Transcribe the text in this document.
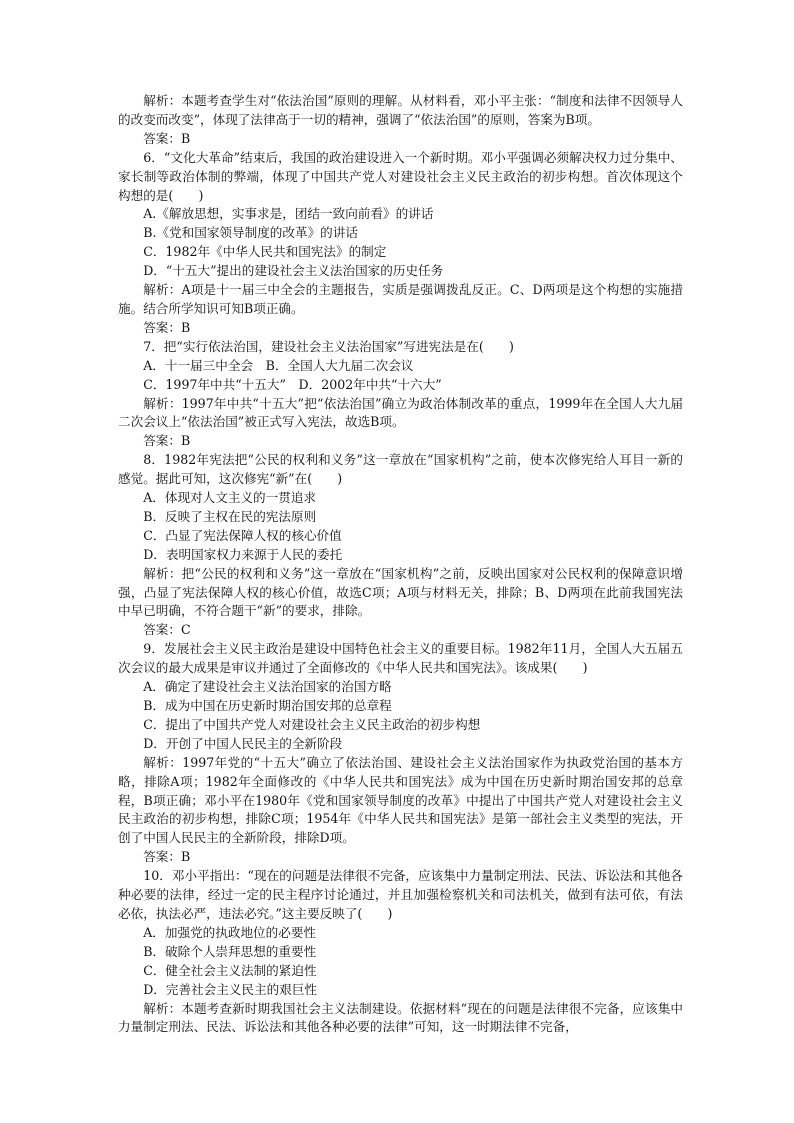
解析：本题考查学生对“依法治国”原则的理解。从材料看，邓小平主张：“制度和法律不因领导人的改变而改变”，体现了法律高于一切的精神，强调了“依法治国”的原则，答案为B项。

答案：B

6．“文化大革命”结束后，我国的政治建设进入一个新时期。邓小平强调必须解决权力过分集中、家长制等政治体制的弊端，体现了中国共产党人对建设社会主义民主政治的初步构想。首次体现这个构想的是(　　)

A.《解放思想，实事求是，团结一致向前看》的讲话

B.《党和国家领导制度的改革》的讲话

C．1982年《中华人民共和国宪法》的制定

D．“十五大”提出的建设社会主义法治国家的历史任务

解析：A项是十一届三中全会的主题报告，实质是强调拨乱反正。C、D两项是这个构想的实施措施。结合所学知识可知B项正确。

答案：B

7．把“实行依法治国，建设社会主义法治国家”写进宪法是在(　　)

A．十一届三中全会　B．全国人大九届二次会议

C．1997年中共“十五大”　D．2002年中共“十六大”

解析：1997年中共“十五大”把“依法治国”确立为政治体制改革的重点，1999年在全国人大九届二次会议上“依法治国”被正式写入宪法，故选B项。

答案：B

8．1982年宪法把“公民的权利和义务”这一章放在“国家机构”之前，使本次修宪给人耳目一新的感觉。据此可知，这次修宪“新”在(　　)

A．体现对人文主义的一贯追求

B．反映了主权在民的宪法原则

C．凸显了宪法保障人权的核心价值

D．表明国家权力来源于人民的委托

解析：把“公民的权利和义务”这一章放在“国家机构”之前，反映出国家对公民权利的保障意识增强，凸显了宪法保障人权的核心价值，故选C项；A项与材料无关，排除；B、D两项在此前我国宪法中早已明确，不符合题干“新”的要求，排除。

答案：C

9．发展社会主义民主政治是建设中国特色社会主义的重要目标。1982年11月，全国人大五届五次会议的最大成果是审议并通过了全面修改的《中华人民共和国宪法》。该成果(　　)

A．确定了建设社会主义法治国家的治国方略

B．成为中国在历史新时期治国安邦的总章程

C．提出了中国共产党人对建设社会主义民主政治的初步构想

D．开创了中国人民民主的全新阶段

解析：1997年党的“十五大”确立了依法治国、建设社会主义法治国家作为执政党治国的基本方略，排除A项；1982年全面修改的《中华人民共和国宪法》成为中国在历史新时期治国安邦的总章程，B项正确；邓小平在1980年《党和国家领导制度的改革》中提出了中国共产党人对建设社会主义民主政治的初步构想，排除C项；1954年《中华人民共和国宪法》是第一部社会主义类型的宪法，开创了中国人民民主的全新阶段，排除D项。

答案：B

10．邓小平指出：“现在的问题是法律很不完备，应该集中力量制定刑法、民法、诉讼法和其他各种必要的法律，经过一定的民主程序讨论通过，并且加强检察机关和司法机关，做到有法可依，有法必依，执法必严，违法必究。”这主要反映了(　　)

A．加强党的执政地位的必要性

B．破除个人崇拜思想的重要性

C．健全社会主义法制的紧迫性

D．完善社会主义民主的艰巨性

解析：本题考查新时期我国社会主义法制建设。依据材料“现在的问题是法律很不完备，应该集中力量制定刑法、民法、诉讼法和其他各种必要的法律”可知，这一时期法律不完备，
